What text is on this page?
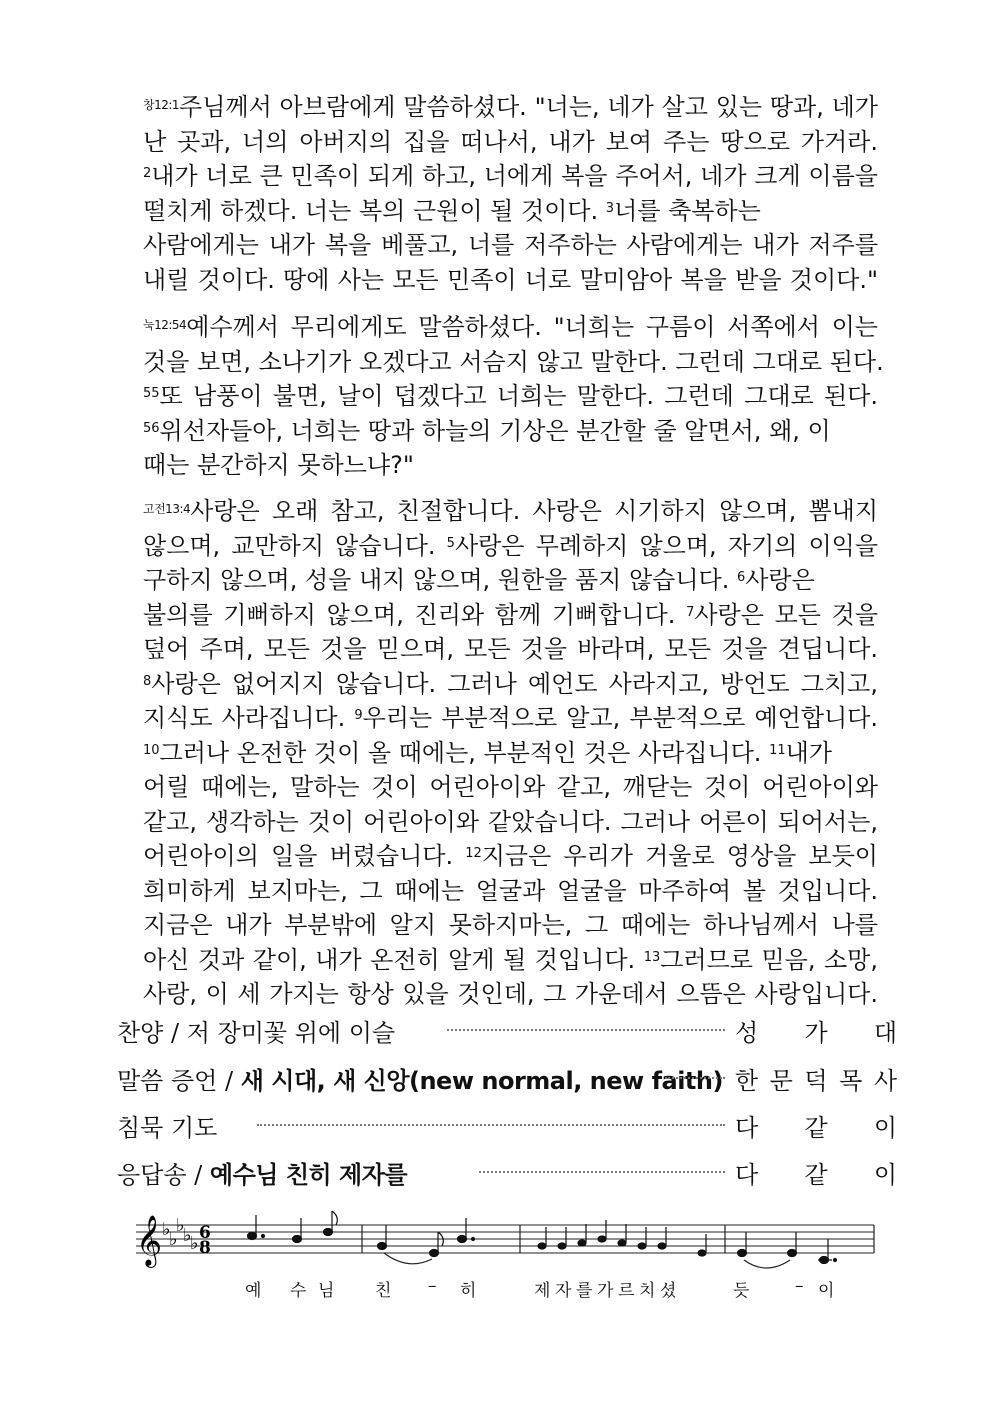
$^{창12:1}$주님께서 아브람에게 말씀하셨다. "너는, 네가 살고 있는 땅과, 네가
난 곳과, 너의 아버지의 집을 떠나서, 내가 보여 주는 땅으로 가거라.
$^2$내가 너로 큰 민족이 되게 하고, 너에게 복을 주어서, 네가 크게 이름을
떨치게 하겠다. 너는 복의 근원이 될 것이다. $^3$너를 축복하는
사람에게는 내가 복을 베풀고, 너를 저주하는 사람에게는 내가 저주를
내릴 것이다. 땅에 사는 모든 민족이 너로 말미암아 복을 받을 것이다."
$^{눅12:54}$예수께서 무리에게도 말씀하셨다. "너희는 구름이 서쪽에서 이는
것을 보면, 소나기가 오겠다고 서슴지 않고 말한다. 그런데 그대로 된다.
$^{55}$또 남풍이 불면, 날이 덥겠다고 너희는 말한다. 그런데 그대로 된다.
$^{56}$위선자들아, 너희는 땅과 하늘의 기상은 분간할 줄 알면서, 왜, 이
때는 분간하지 못하느냐?"
$^{고전13:4}$사랑은 오래 참고, 친절합니다. 사랑은 시기하지 않으며, 뽐내지
않으며, 교만하지 않습니다. $^5$사랑은 무례하지 않으며, 자기의 이익을
구하지 않으며, 성을 내지 않으며, 원한을 품지 않습니다. $^6$사랑은
불의를 기뻐하지 않으며, 진리와 함께 기뻐합니다. $^7$사랑은 모든 것을
덮어 주며, 모든 것을 믿으며, 모든 것을 바라며, 모든 것을 견딥니다.
$^8$사랑은 없어지지 않습니다. 그러나 예언도 사라지고, 방언도 그치고,
지식도 사라집니다. $^9$우리는 부분적으로 알고, 부분적으로 예언합니다.
$^{10}$그러나 온전한 것이 올 때에는, 부분적인 것은 사라집니다. $^{11}$내가
어릴 때에는, 말하는 것이 어린아이와 같고, 깨닫는 것이 어린아이와
같고, 생각하는 것이 어린아이와 같았습니다. 그러나 어른이 되어서는,
어린아이의 일을 버렸습니다. $^{12}$지금은 우리가 거울로 영상을 보듯이
희미하게 보지마는, 그 때에는 얼굴과 얼굴을 마주하여 볼 것입니다.
지금은 내가 부분밖에 알지 못하지마는, 그 때에는 하나님께서 나를
아신 것과 같이, 내가 온전히 알게 될 것입니다. $^{13}$그러므로 믿음, 소망,
사랑, 이 세 가지는 항상 있을 것인데, 그 가운데서 으뜸은 사랑입니다.
찬양 / 저 장미꽃 위에 이슬	성 가 대
말씀 증언 / 새 시대, 새 신앙(new normal, new faith) 한 문 덕 목 사
침묵 기도	다 같 이
응답송 / 예수님 친히 제자를	다 같 이
𝄞 ♭
♭
♭
♭
♭ 6
8
예 수 님 친 – 히	제 자 를 가 르 치 셨	듯	– 이
